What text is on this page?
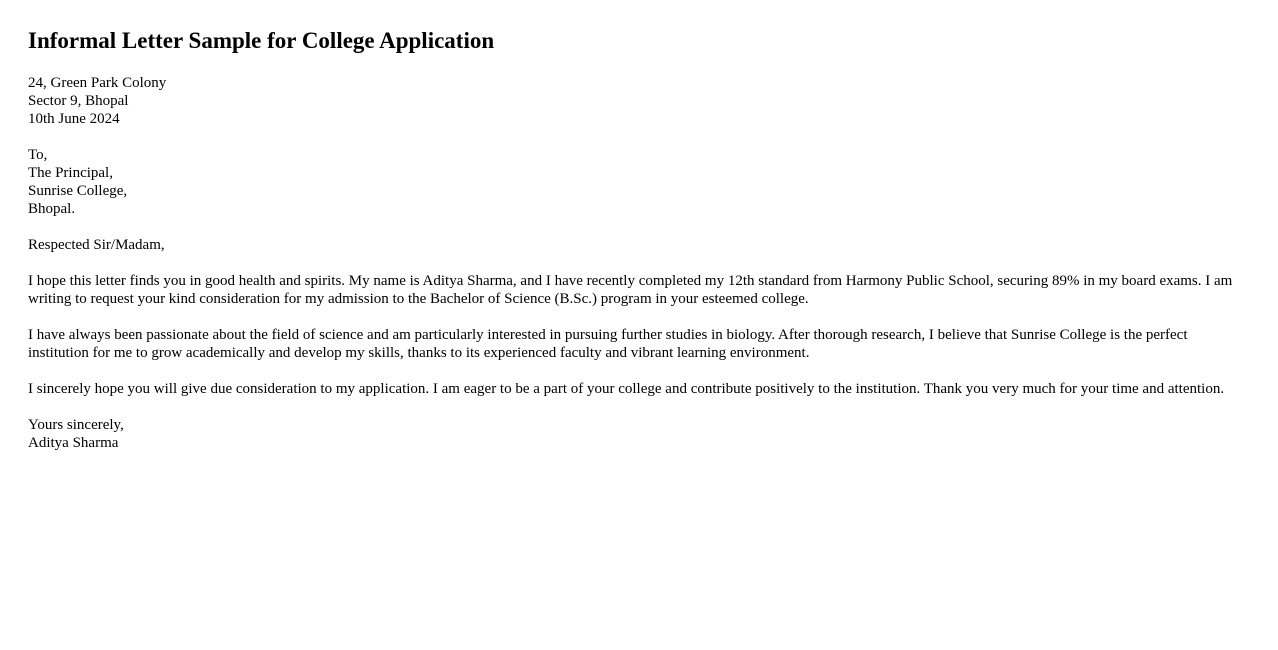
Informal Letter Sample for College Application
24, Green Park Colony
Sector 9, Bhopal
10th June 2024
To,
The Principal,
Sunrise College,
Bhopal.

Respected Sir/Madam,

I hope this letter finds you in good health and spirits. My name is Aditya Sharma, and I have recently completed my 12th standard from Harmony Public School, securing 89% in my board exams. I am writing to request your kind consideration for my admission to the Bachelor of Science (B.Sc.) program in your esteemed college.

I have always been passionate about the field of science and am particularly interested in pursuing further studies in biology. After thorough research, I believe that Sunrise College is the perfect institution for me to grow academically and develop my skills, thanks to its experienced faculty and vibrant learning environment.

I sincerely hope you will give due consideration to my application. I am eager to be a part of your college and contribute positively to the institution. Thank you very much for your time and attention.

Yours sincerely,
Aditya Sharma
